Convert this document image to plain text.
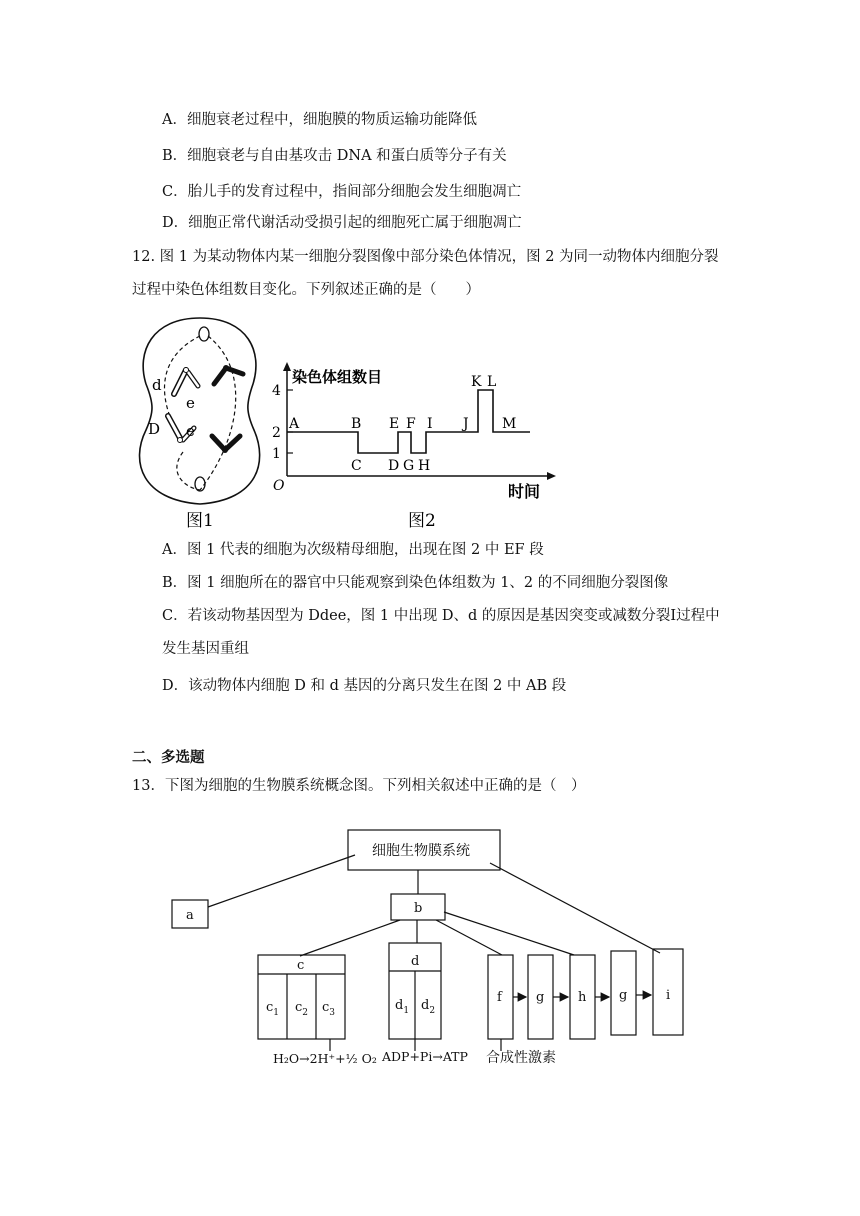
A．细胞衰老过程中，细胞膜的物质运输功能降低
B．细胞衰老与自由基攻击 DNA 和蛋白质等分子有关
C．胎儿手的发育过程中，指间部分细胞会发生细胞凋亡
D．细胞正常代谢活动受损引起的细胞死亡属于细胞凋亡
12. 图 1 为某动物体内某一细胞分裂图像中部分染色体情况，图 2 为同一动物体内细胞分裂
过程中染色体组数目变化。下列叙述正确的是（　　）
d
e
D e
图1
4
2
1
O
染色体组数目
时间
A	B E F I J
K L
M
C D G H
图2
A．图 1 代表的细胞为次级精母细胞，出现在图 2 中 EF 段
B．图 1 细胞所在的器官中只能观察到染色体组数为 1、2 的不同细胞分裂图像
C．若该动物基因型为 Ddee，图 1 中出现 D、d 的原因是基因突变或减数分裂Ⅰ过程中
发生基因重组
D．该动物体内细胞 D 和 d 基因的分离只发生在图 2 中 AB 段
二、多选题
13．下图为细胞的生物膜系统概念图。下列相关叙述中正确的是（　）
细胞生物膜系统
a	b
c
$c_1$ $c_2$ $c_3$
d
$d_1$ $d_2$
f	g	h	g	i
H₂O→2H⁺+½ O₂ ADP+Pi→ATP 合成性激素
